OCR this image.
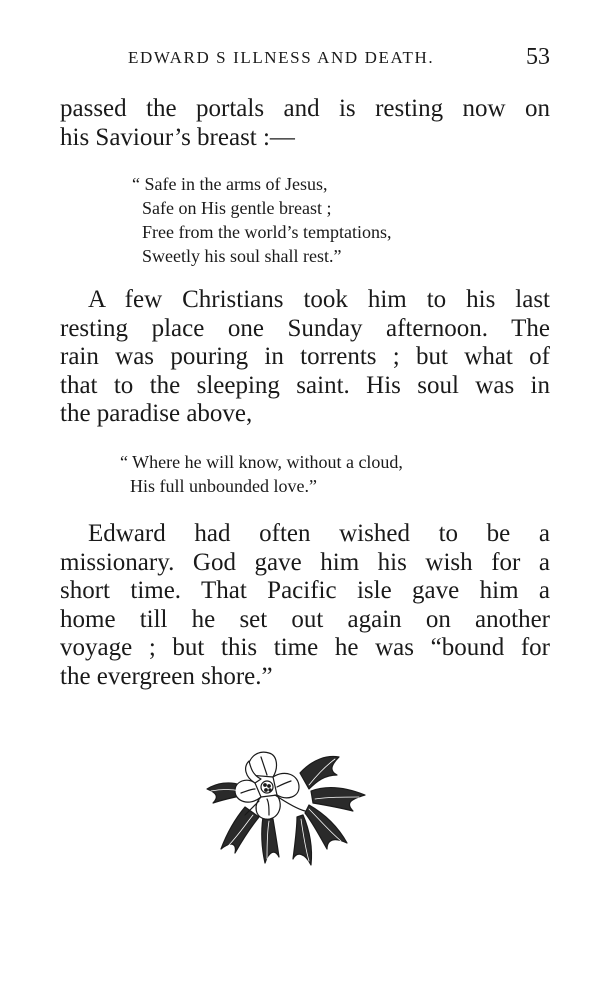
EDWARD S ILLNESS AND DEATH.	53
passed the portals and is resting now on
his Saviour’s breast :—
“ Safe in the arms of Jesus,
Safe on His gentle breast ;
Free from the world’s temptations,
Sweetly his soul shall rest.”
A few Christians took him to his last
resting place one Sunday afternoon. The
rain was pouring in torrents ; but what of
that to the sleeping saint. His soul was in
the paradise above,
“ Where he will know, without a cloud,
His full unbounded love.”
Edward had often wished to be a
missionary. God gave him his wish for a
short time. That Pacific isle gave him a
home till he set out again on another
voyage ; but this time he was “bound for
the evergreen shore.”
